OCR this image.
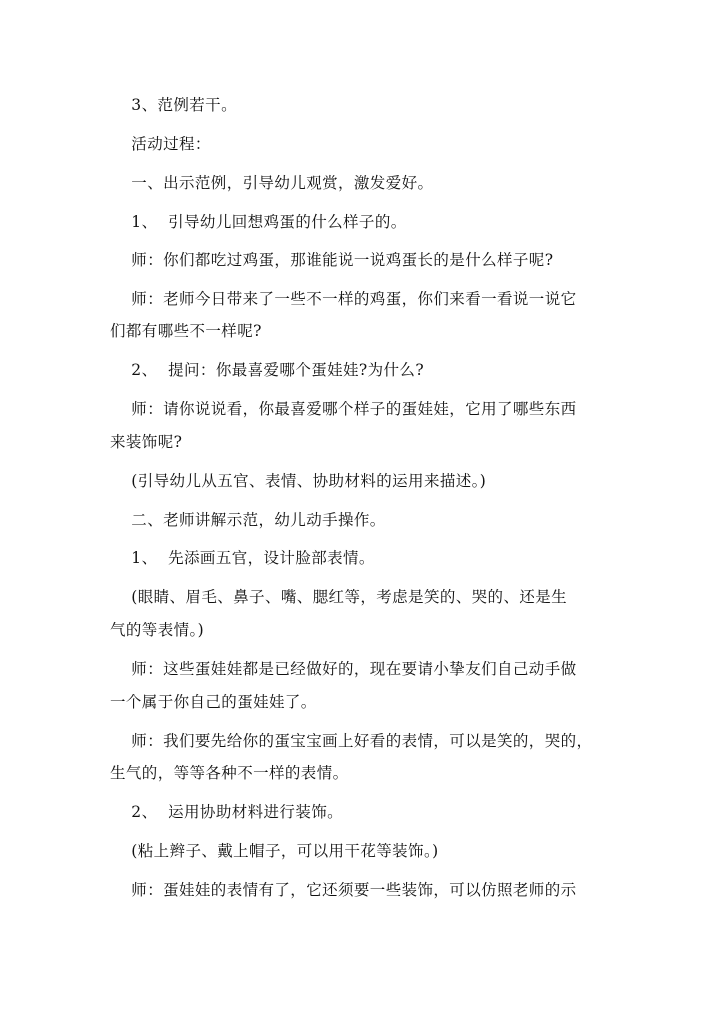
3、范例若干。

活动过程：

一、出示范例，引导幼儿观赏，激发爱好。

1、  引导幼儿回想鸡蛋的什么样子的。

师：你们都吃过鸡蛋，那谁能说一说鸡蛋长的是什么样子呢?

师：老师今日带来了一些不一样的鸡蛋，你们来看一看说一说它

们都有哪些不一样呢?

2、  提问：你最喜爱哪个蛋娃娃?为什么?

师：请你说说看，你最喜爱哪个样子的蛋娃娃，它用了哪些东西

来装饰呢?

(引导幼儿从五官、表情、协助材料的运用来描述。)

二、老师讲解示范，幼儿动手操作。

1、  先添画五官，设计脸部表情。

(眼睛、眉毛、鼻子、嘴、腮红等，考虑是笑的、哭的、还是生

气的等表情。)

师：这些蛋娃娃都是已经做好的，现在要请小挚友们自己动手做

一个属于你自己的蛋娃娃了。

师：我们要先给你的蛋宝宝画上好看的表情，可以是笑的，哭的，

生气的，等等各种不一样的表情。

2、  运用协助材料进行装饰。

(粘上辫子、戴上帽子，可以用干花等装饰。)

师：蛋娃娃的表情有了，它还须要一些装饰，可以仿照老师的示
